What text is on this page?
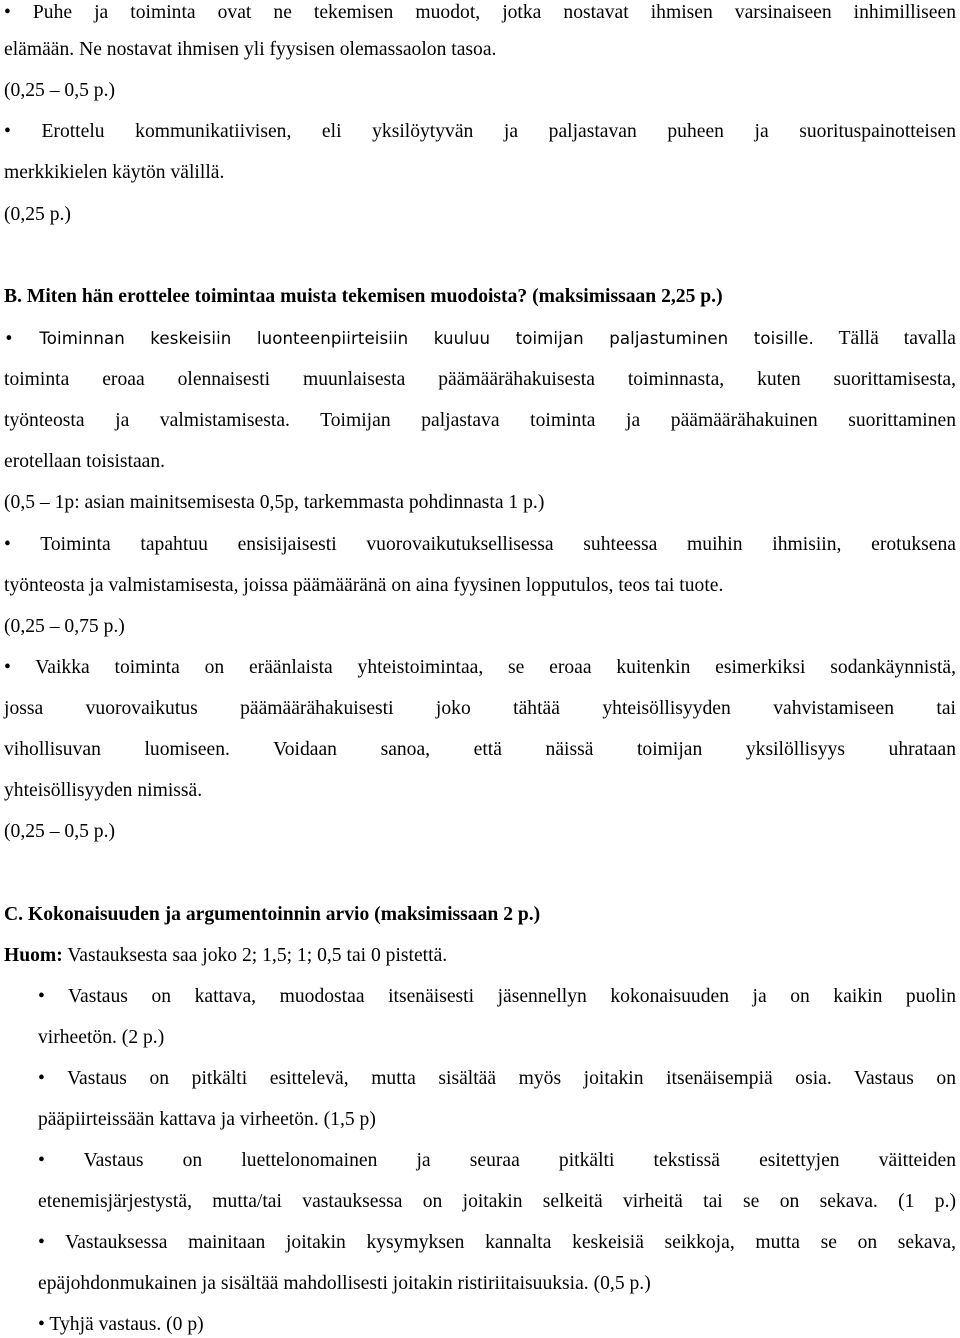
• Puhe ja toiminta ovat ne tekemisen muodot, jotka nostavat ihmisen varsinaiseen inhimilliseen
elämään. Ne nostavat ihmisen yli fyysisen olemassaolon tasoa.
(0,25 – 0,5 p.)
• Erottelu kommunikatiivisen, eli yksilöytyvän ja paljastavan puheen ja suorituspainotteisen
merkkikielen käytön välillä.
(0,25 p.)
B. Miten hän erottelee toimintaa muista tekemisen muodoista? (maksimissaan 2,25 p.)
• Toiminnan keskeisiin luonteenpiirteisiin kuuluu toimijan paljastuminen toisille. Tällä tavalla
toiminta eroaa olennaisesti muunlaisesta päämäärähakuisesta toiminnasta, kuten suorittamisesta,
työnteosta ja valmistamisesta. Toimijan paljastava toiminta ja päämäärähakuinen suorittaminen
erotellaan toisistaan.
(0,5 – 1p: asian mainitsemisesta 0,5p, tarkemmasta pohdinnasta 1 p.)
• Toiminta tapahtuu ensisijaisesti vuorovaikutuksellisessa suhteessa muihin ihmisiin, erotuksena
työnteosta ja valmistamisesta, joissa päämääränä on aina fyysinen lopputulos, teos tai tuote.
(0,25 – 0,75 p.)
• Vaikka toiminta on eräänlaista yhteistoimintaa, se eroaa kuitenkin esimerkiksi sodankäynnistä,
jossa vuorovaikutus päämäärähakuisesti joko tähtää yhteisöllisyyden vahvistamiseen tai
vihollisuvan luomiseen. Voidaan sanoa, että näissä toimijan yksilöllisyys uhrataan
yhteisöllisyyden nimissä.
(0,25 – 0,5 p.)
C. Kokonaisuuden ja argumentoinnin arvio (maksimissaan 2 p.)
Huom: Vastauksesta saa joko 2; 1,5; 1; 0,5 tai 0 pistettä.
• Vastaus on kattava, muodostaa itsenäisesti jäsennellyn kokonaisuuden ja on kaikin puolin
virheetön. (2 p.)
• Vastaus on pitkälti esittelevä, mutta sisältää myös joitakin itsenäisempiä osia. Vastaus on
pääpiirteissään kattava ja virheetön. (1,5 p)
• Vastaus on luettelonomainen ja seuraa pitkälti tekstissä esitettyjen väitteiden
etenemisjärjestystä, mutta/tai vastauksessa on joitakin selkeitä virheitä tai se on sekava. (1 p.)
• Vastauksessa mainitaan joitakin kysymyksen kannalta keskeisiä seikkoja, mutta se on sekava,
epäjohdonmukainen ja sisältää mahdollisesti joitakin ristiriitaisuuksia. (0,5 p.)
• Tyhjä vastaus. (0 p)
